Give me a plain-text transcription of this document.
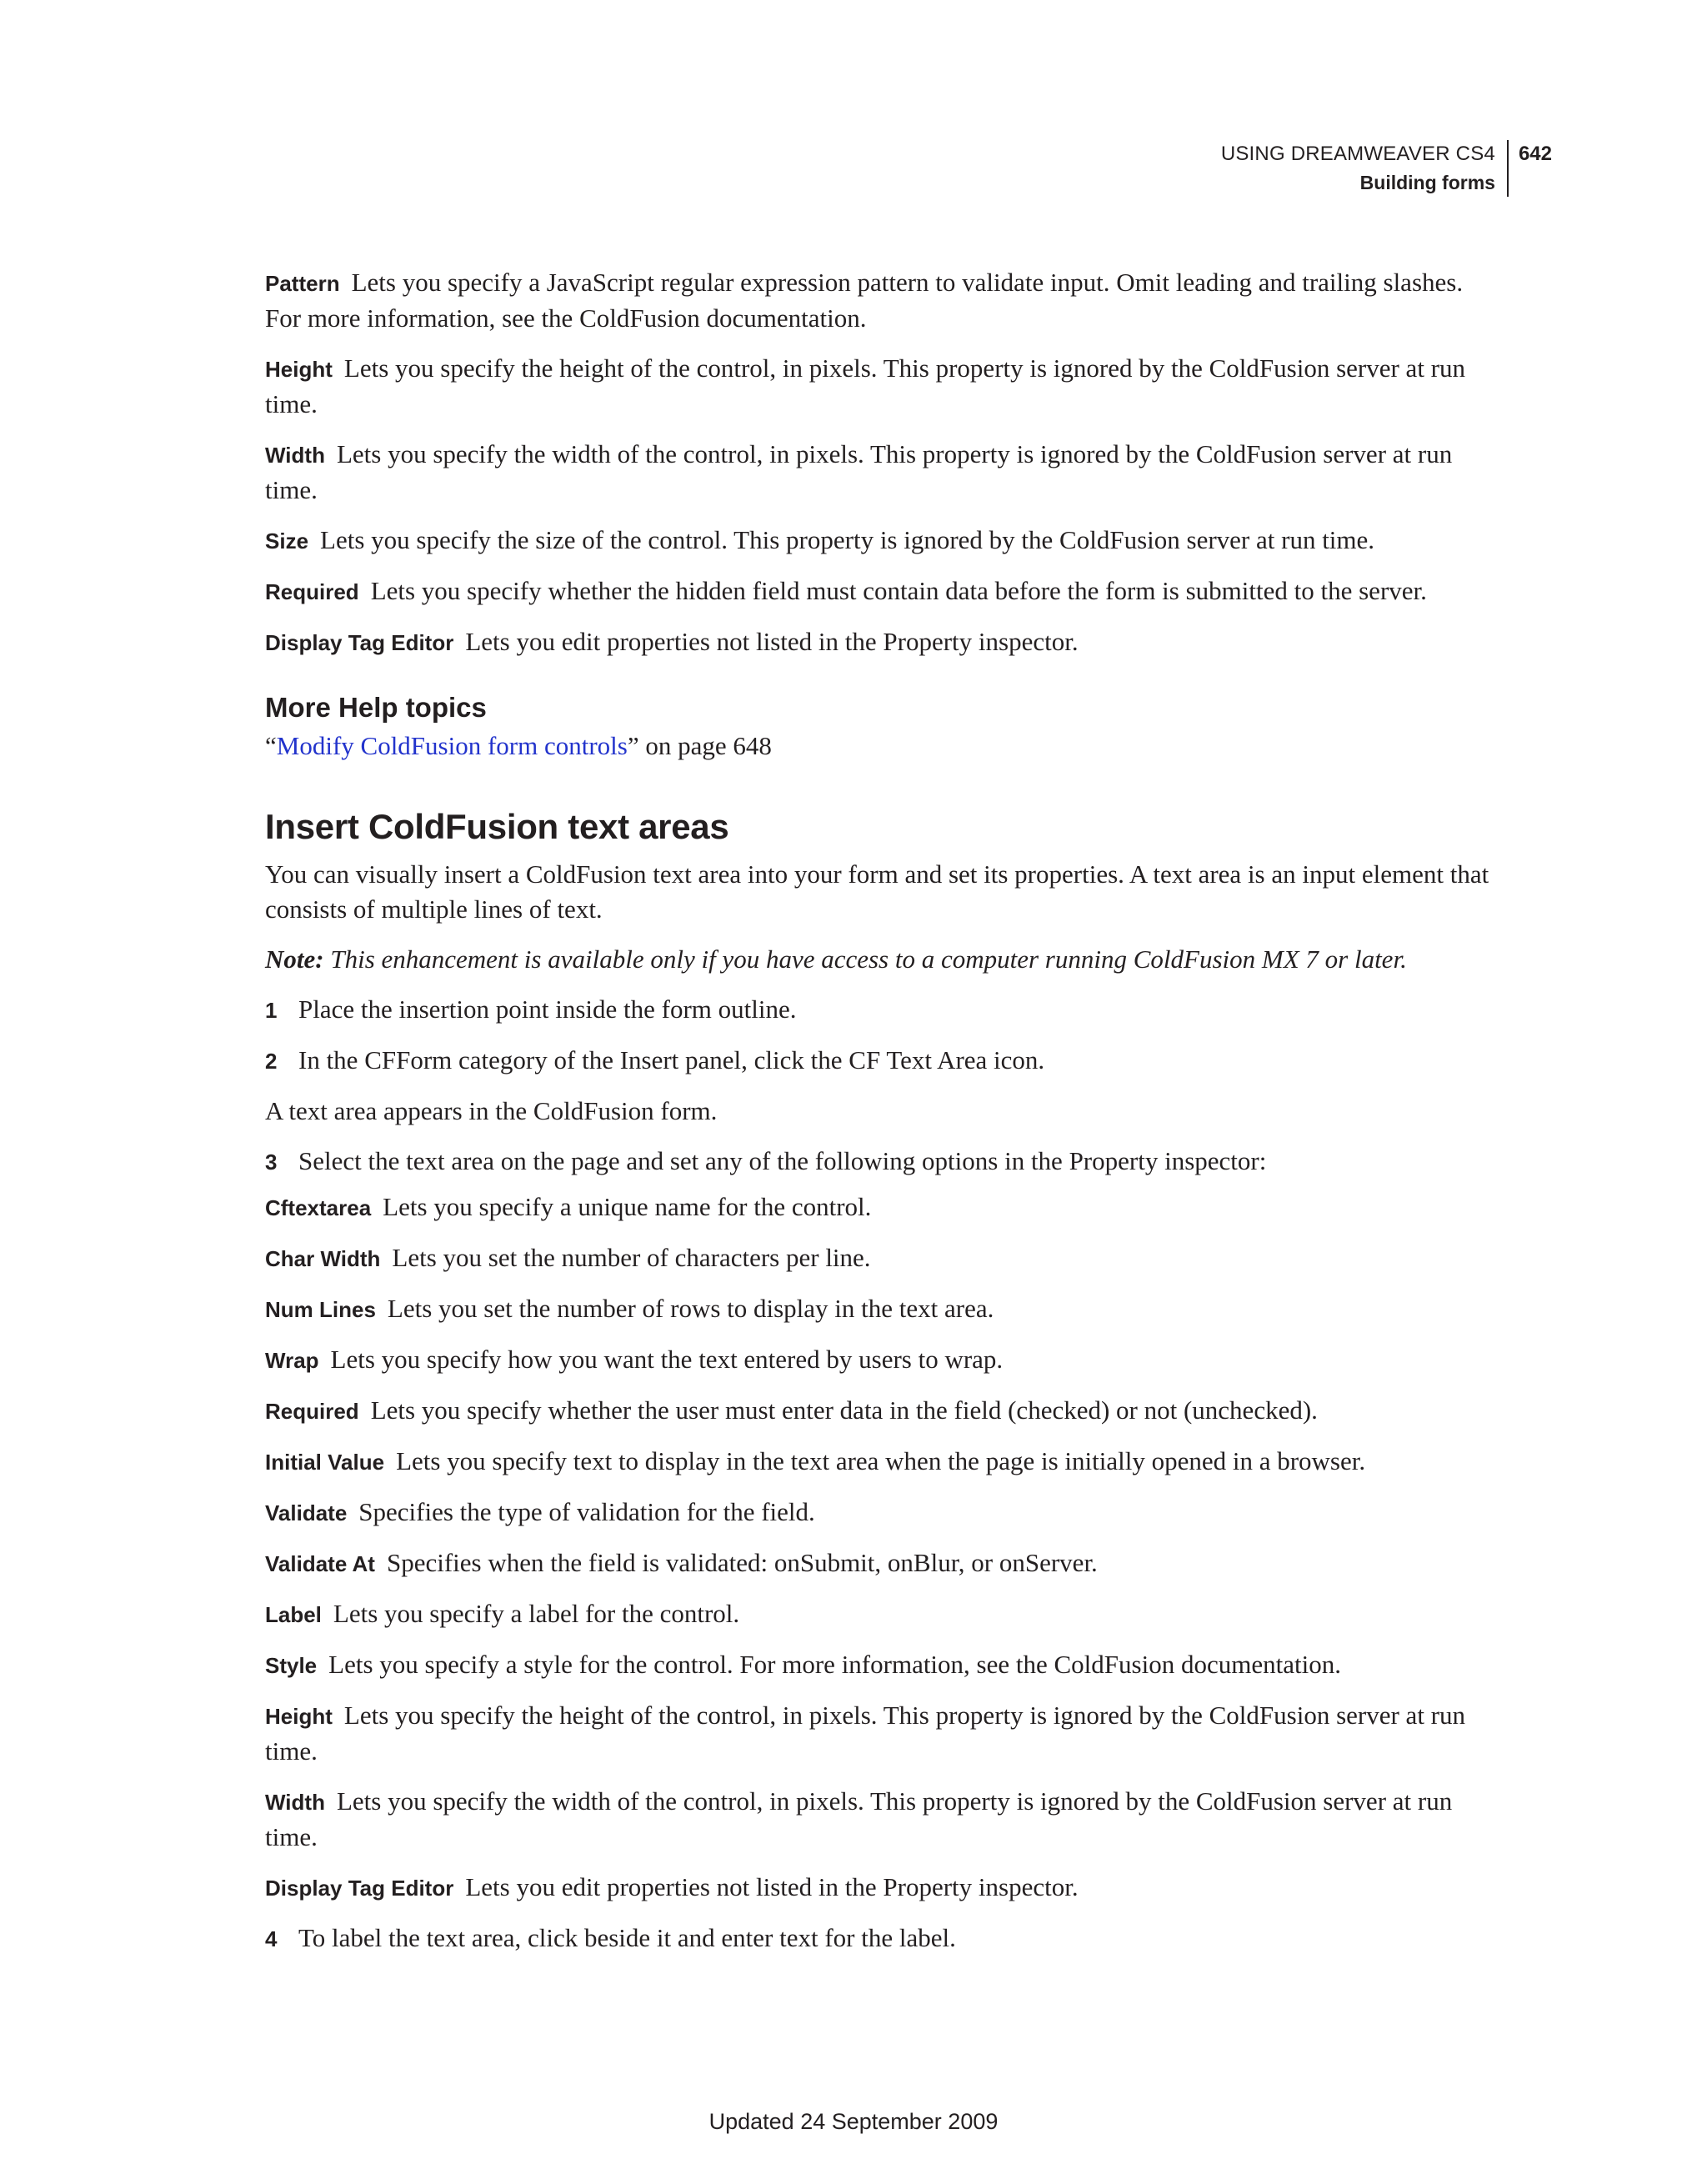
USING DREAMWEAVER CS4
Building forms
642

Pattern Lets you specify a JavaScript regular expression pattern to validate input. Omit leading and trailing slashes. For more information, see the ColdFusion documentation.

Height Lets you specify the height of the control, in pixels. This property is ignored by the ColdFusion server at run time.

Width Lets you specify the width of the control, in pixels. This property is ignored by the ColdFusion server at run time.

Size Lets you specify the size of the control. This property is ignored by the ColdFusion server at run time.

Required Lets you specify whether the hidden field must contain data before the form is submitted to the server.

Display Tag Editor Lets you edit properties not listed in the Property inspector.

More Help topics

“Modify ColdFusion form controls” on page 648

Insert ColdFusion text areas

You can visually insert a ColdFusion text area into your form and set its properties. A text area is an input element that consists of multiple lines of text.

Note: This enhancement is available only if you have access to a computer running ColdFusion MX 7 or later.

1 Place the insertion point inside the form outline.

2 In the CFForm category of the Insert panel, click the CF Text Area icon.

A text area appears in the ColdFusion form.

3 Select the text area on the page and set any of the following options in the Property inspector:

Cftextarea Lets you specify a unique name for the control.

Char Width Lets you set the number of characters per line.

Num Lines Lets you set the number of rows to display in the text area.

Wrap Lets you specify how you want the text entered by users to wrap.

Required Lets you specify whether the user must enter data in the field (checked) or not (unchecked).

Initial Value Lets you specify text to display in the text area when the page is initially opened in a browser.

Validate Specifies the type of validation for the field.

Validate At Specifies when the field is validated: onSubmit, onBlur, or onServer.

Label Lets you specify a label for the control.

Style Lets you specify a style for the control. For more information, see the ColdFusion documentation.

Height Lets you specify the height of the control, in pixels. This property is ignored by the ColdFusion server at run time.

Width Lets you specify the width of the control, in pixels. This property is ignored by the ColdFusion server at run time.

Display Tag Editor Lets you edit properties not listed in the Property inspector.

4 To label the text area, click beside it and enter text for the label.

Updated 24 September 2009
